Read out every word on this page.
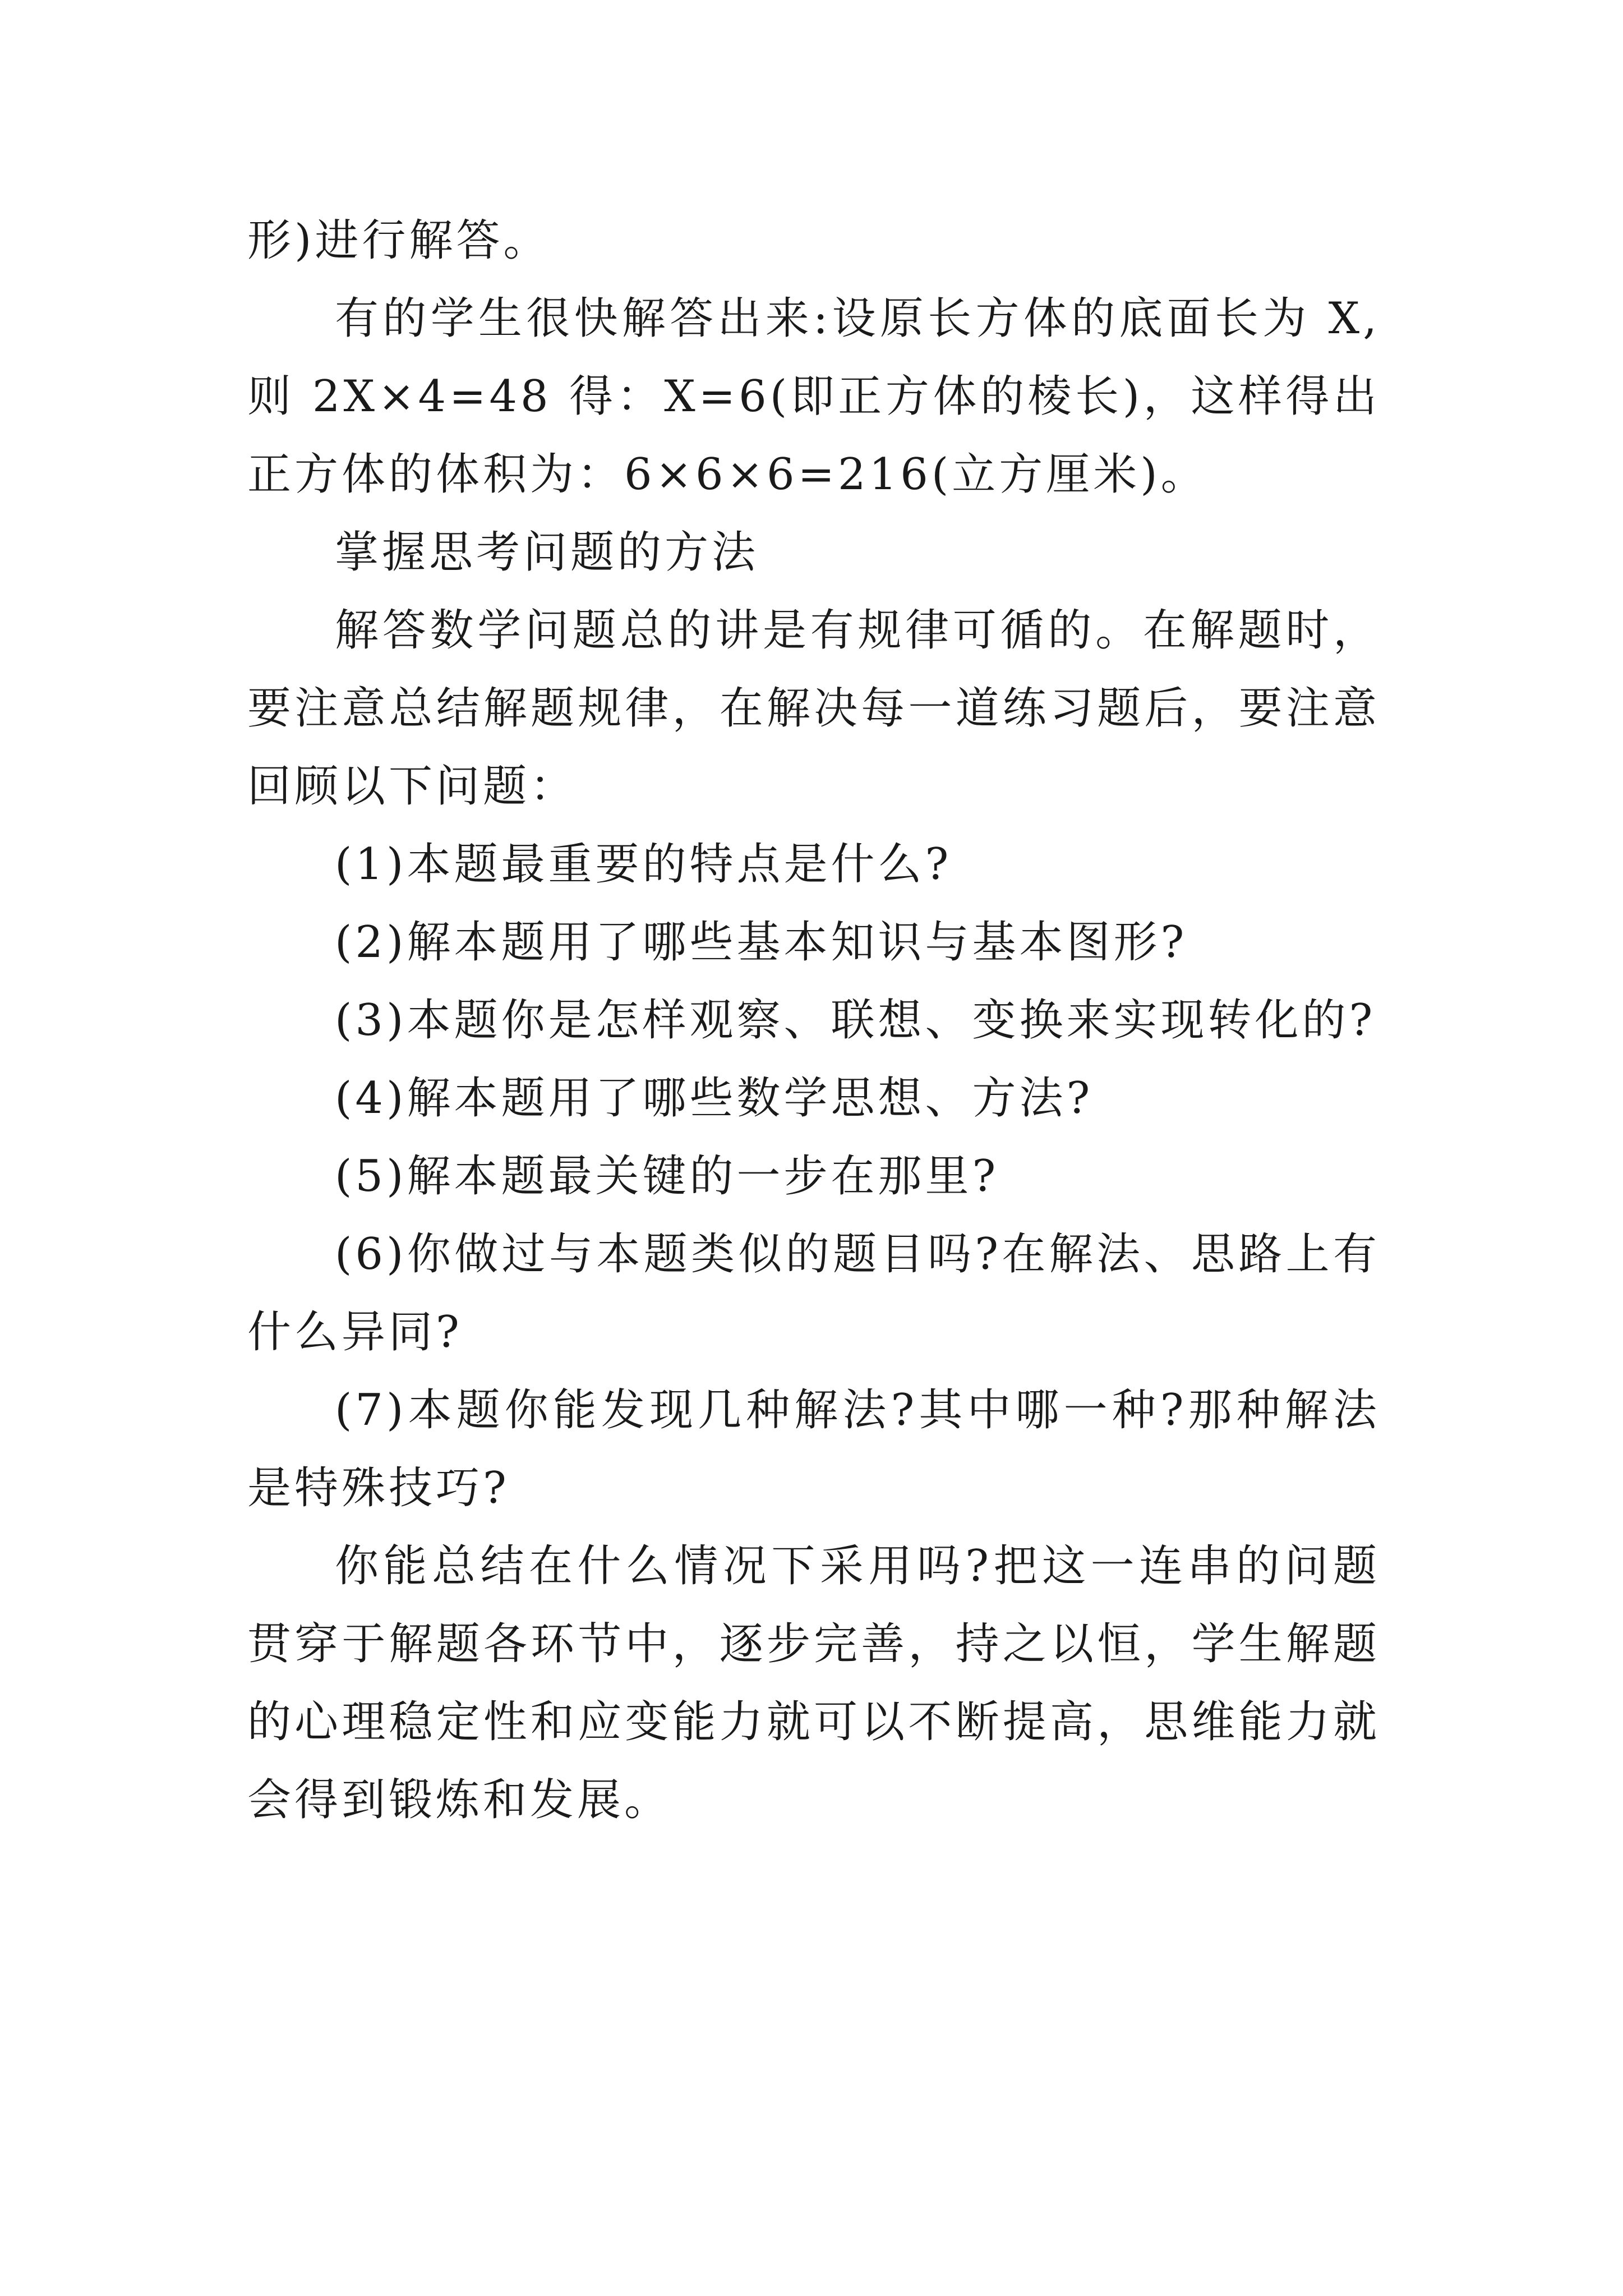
形)进行解答。

有的学生很快解答出来:设原长方体的底面长为 X,则 2X×4=48 得：X=6(即正方体的棱长)，这样得出正方体的体积为：6×6×6=216(立方厘米)。

掌握思考问题的方法

解答数学问题总的讲是有规律可循的。在解题时，要注意总结解题规律，在解决每一道练习题后，要注意回顾以下问题：

(1)本题最重要的特点是什么?

(2)解本题用了哪些基本知识与基本图形?

(3)本题你是怎样观察、联想、变换来实现转化的?

(4)解本题用了哪些数学思想、方法?

(5)解本题最关键的一步在那里?

(6)你做过与本题类似的题目吗?在解法、思路上有什么异同?

(7)本题你能发现几种解法?其中哪一种?那种解法是特殊技巧?

你能总结在什么情况下采用吗?把这一连串的问题贯穿于解题各环节中，逐步完善，持之以恒，学生解题的心理稳定性和应变能力就可以不断提高，思维能力就会得到锻炼和发展。
